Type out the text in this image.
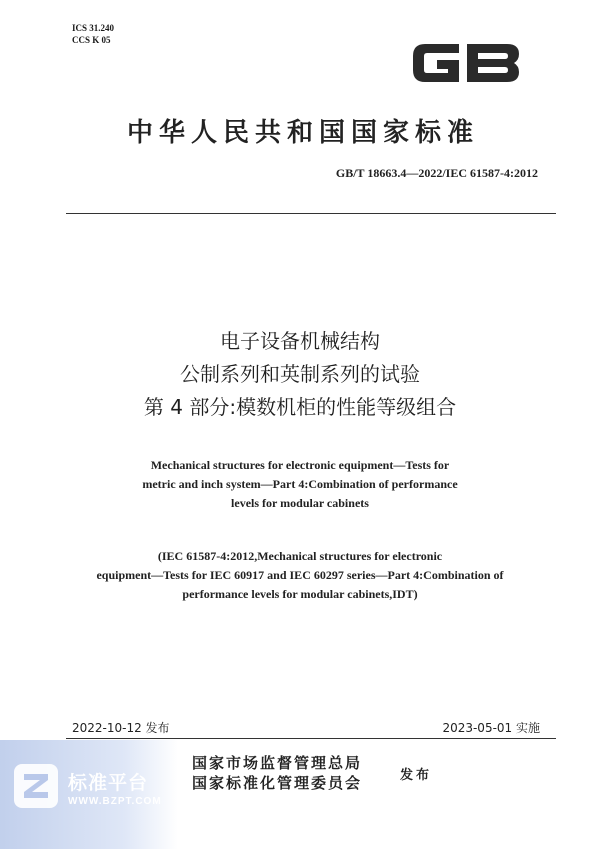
ICS 31.240
CCS K 05	GB
中华人民共和国国家标准
GB/T 18663.4—2022/IEC 61587-4:2012
电子设备机械结构
公制系列和英制系列的试验
第 4 部分:模数机柜的性能等级组合
Mechanical structures for electronic equipment—Tests for
metric and inch system—Part 4:Combination of performance
levels for modular cabinets
(IEC 61587-4:2012,Mechanical structures for electronic
equipment—Tests for IEC 60917 and IEC 60297 series—Part 4:Combination of
performance levels for modular cabinets,IDT)
2022-10-12 发布	2023-05-01 实施
国家市场监督管理总局
国家标准化管理委员会	发布
标准平台
WWW.BZPT.COM
